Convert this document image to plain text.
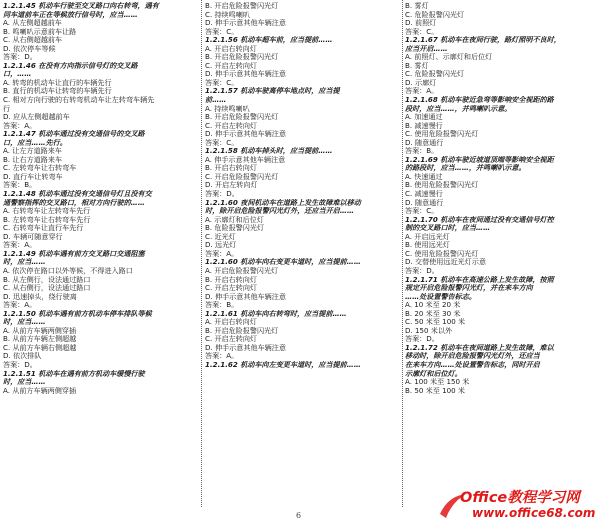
1.2.1.45 机动车行驶至交叉路口向右转弯，遇有
同车道前车正在等候放行信号时，应当……
A. 从左侧超越前车
B. 鸣喇叭示意前车让路
C. 从右侧超越前车
D. 依次停车等候
答案：D。
1.2.1.46 在没有方向指示信号灯的交叉路
口，……
A. 转弯的机动车让直行的车辆先行
B. 直行的机动车让转弯的车辆先行
C. 相对方向行驶的右转弯机动车让左转弯车辆先
行
D. 应从左侧超越前车
答案：A。
1.2.1.47 机动车通过没有交通信号的交叉路
口，应当……先行。
A. 让左方道路来车
B. 让右方道路来车
C. 左转弯车让右转弯车
D. 直行车让转弯车
答案：B。
1.2.1.48 机动车通过没有交通信号灯且没有交
通警察指挥的交叉路口，相对方向行驶的……
A. 右转弯车让左转弯车先行
B. 左转弯车让右转弯车先行
C. 右转弯车让直行车先行
D. 车辆可随意穿行
答案：A。
1.2.1.49 机动车遇有前方交叉路口交通阻塞
时，应当……
A. 依次停在路口以外等候，不得进入路口
B. 从左侧行，设法通过路口
C. 从右侧行，设法通过路口
D. 迅速掉头，绕行驶离
答案：A。
1.2.1.50 机动车遇有前方机动车停车排队等候
时，应当……
A. 从前方车辆两侧穿插
B. 从前方车辆左侧超越
C. 从前方车辆右侧超越
D. 依次排队
答案：D。
1.2.1.51 机动车在遇有前方机动车缓慢行驶
时，应当……
A. 从前方车辆两侧穿插
B. 开启危险报警闪光灯
C. 持续鸣喇叭
D. 伸手示意其他车辆注意
答案：C。
1.2.1.56 机动车超车前，应当提前……
A. 开启右转向灯
B. 开启危险报警闪光灯
C. 开启左转向灯
D. 伸手示意其他车辆注意
答案：C。
1.2.1.57 机动车驶离停车地点时，应当提
前……
A. 持续鸣喇叭
B. 开启危险报警闪光灯
C. 开启左转向灯
D. 伸手示意其他车辆注意
答案：C。
1.2.1.58 机动车掉头时，应当提前……
A. 伸手示意其他车辆注意
B. 开启右转向灯
C. 开启危险报警闪光灯
D. 开启左转向灯
答案：D。
1.2.1.60 夜间机动车在道路上发生故障难以移动
时，除开启危险报警闪光灯外，还应当开启……
A. 示廓灯和后位灯
B. 危险报警闪光灯
C. 近光灯
D. 远光灯
答案：A。
1.2.1.60 机动车向右变更车道时，应当提前……
A. 开启危险报警闪光灯
B. 开启右转向灯
C. 开启左转向灯
D. 伸手示意其他车辆注意
答案：B。
1.2.1.61 机动车向右转弯时，应当提前……
A. 开启右转向灯
B. 开启危险报警闪光灯
C. 开启左转向灯
D. 伸手示意其他车辆注意
答案：A。
1.2.1.62 机动车向左变更车道时，应当提前……
B. 雾灯
C. 危险报警闪光灯
D. 前照灯
答案：C。
1.2.1.67 机动车在夜间行驶，路灯照明不良时，
应当开启……
A. 前照灯、示廓灯和后位灯
B. 雾灯
C. 危险报警闪光灯
D. 示廓灯
答案：A。
1.2.1.68 机动车驶近急弯等影响安全视距的路
段时，应当……，并鸣喇叭示意。
A. 加速通过
B. 减速慢行
C. 使用危险报警闪光灯
D. 随意通行
答案：B。
1.2.1.69 机动车驶近坡道顶端等影响安全视距
的路段时，应当……，并鸣喇叭示意。
A. 快速通过
B. 使用危险报警闪光灯
C. 减速慢行
D. 随意通行
答案：C。
1.2.1.70 机动车在夜间通过没有交通信号灯控
制的交叉路口时，应当……
A. 开启远光灯
B. 使用远光灯
C. 使用危险报警闪光灯
D. 交替使用远近光灯示意
答案：D。
1.2.1.71 机动车在高速公路上发生故障，按照
规定开启危险报警闪光灯，并在来车方向
……处设置警告标志。
A. 10 米至 20 米
B. 20 米至 30 米
C. 50 米至 100 米
D. 150 米以外
答案：D。
1.2.1.72 机动车在夜间道路上发生故障，难以
移动时，除开启危险报警闪光灯外，还应当
在来车方向……处设置警告标志，同时开启
示廓灯和后位灯。
A. 100 米至 150 米
B. 50 米至 100 米
6
Office教程学习网
www.office68.com
